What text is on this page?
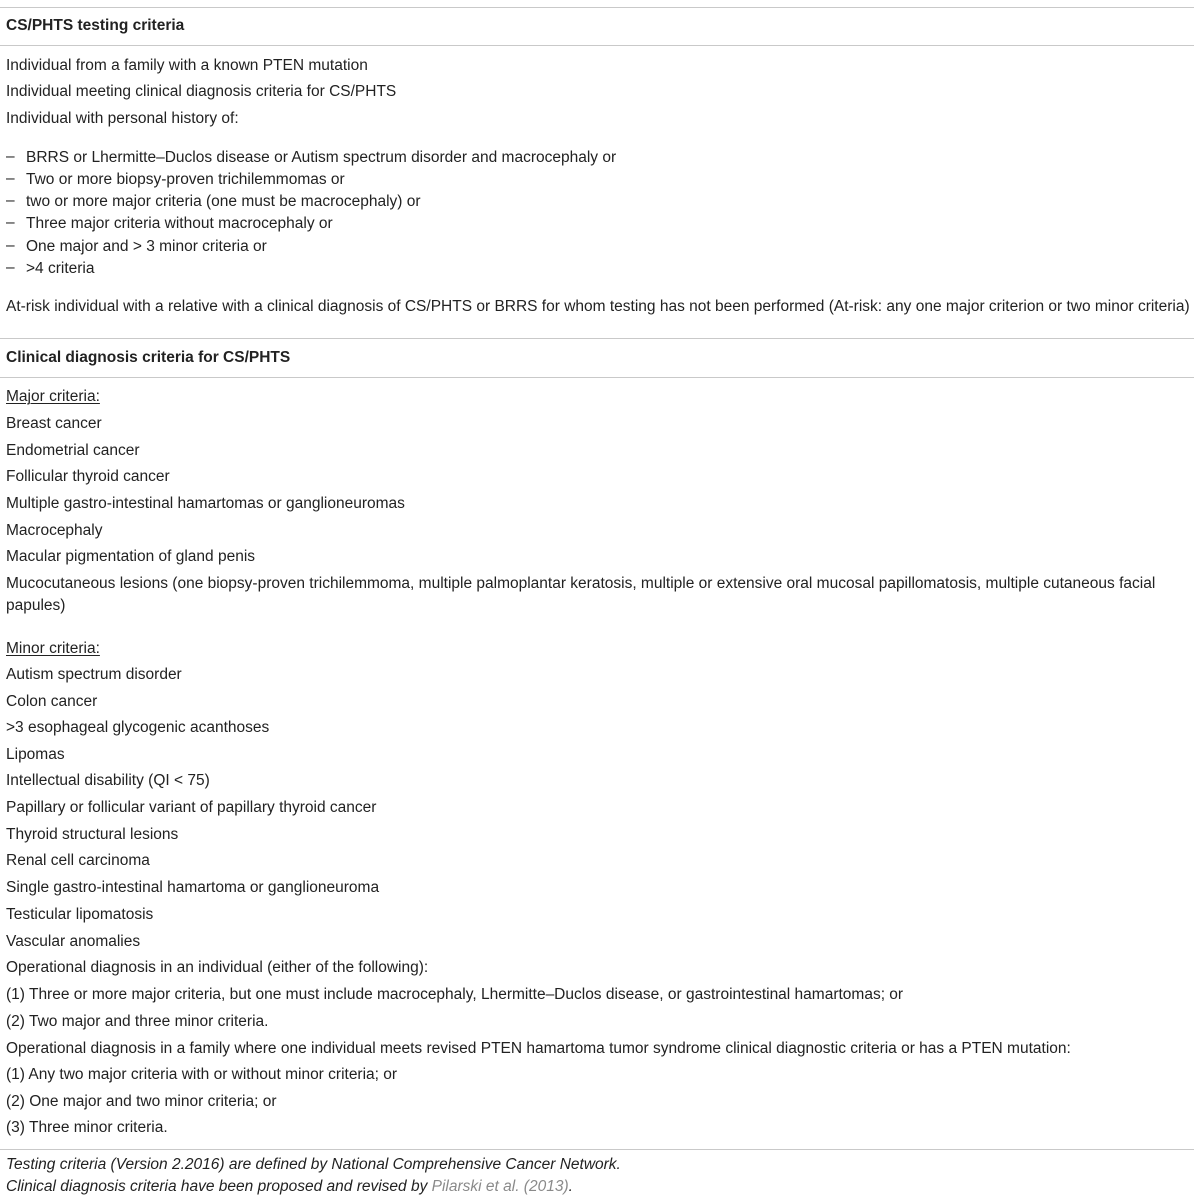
CS/PHTS testing criteria
Individual from a family with a known PTEN mutation
Individual meeting clinical diagnosis criteria for CS/PHTS
Individual with personal history of:
– BRRS or Lhermitte–Duclos disease or Autism spectrum disorder and macrocephaly or
– Two or more biopsy-proven trichilemmomas or
– two or more major criteria (one must be macrocephaly) or
– Three major criteria without macrocephaly or
– One major and > 3 minor criteria or
– >4 criteria
At-risk individual with a relative with a clinical diagnosis of CS/PHTS or BRRS for whom testing has not been performed (At-risk: any one major criterion or two minor criteria)
Clinical diagnosis criteria for CS/PHTS
Major criteria:
Breast cancer
Endometrial cancer
Follicular thyroid cancer
Multiple gastro-intestinal hamartomas or ganglioneuromas
Macrocephaly
Macular pigmentation of gland penis
Mucocutaneous lesions (one biopsy-proven trichilemmoma, multiple palmoplantar keratosis, multiple or extensive oral mucosal papillomatosis, multiple cutaneous facial papules)
Minor criteria:
Autism spectrum disorder
Colon cancer
>3 esophageal glycogenic acanthoses
Lipomas
Intellectual disability (QI < 75)
Papillary or follicular variant of papillary thyroid cancer
Thyroid structural lesions
Renal cell carcinoma
Single gastro-intestinal hamartoma or ganglioneuroma
Testicular lipomatosis
Vascular anomalies
Operational diagnosis in an individual (either of the following):
(1) Three or more major criteria, but one must include macrocephaly, Lhermitte–Duclos disease, or gastrointestinal hamartomas; or
(2) Two major and three minor criteria.
Operational diagnosis in a family where one individual meets revised PTEN hamartoma tumor syndrome clinical diagnostic criteria or has a PTEN mutation:
(1) Any two major criteria with or without minor criteria; or
(2) One major and two minor criteria; or
(3) Three minor criteria.
Testing criteria (Version 2.2016) are defined by National Comprehensive Cancer Network.
Clinical diagnosis criteria have been proposed and revised by Pilarski et al. (2013).
